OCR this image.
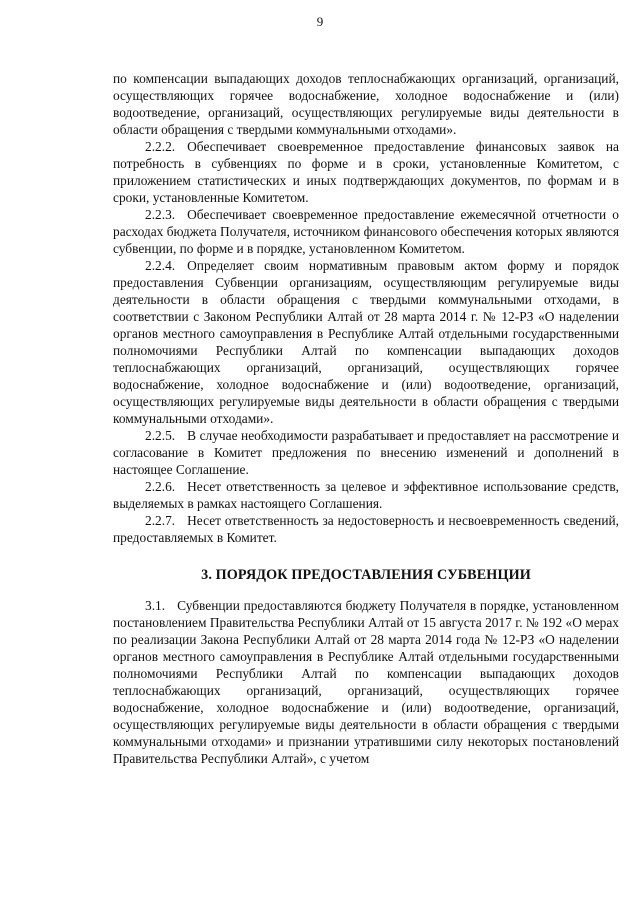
9

по компенсации выпадающих доходов теплоснабжающих организаций, организаций, осуществляющих горячее водоснабжение, холодное водоснабжение и (или) водоотведение, организаций, осуществляющих регулируемые виды деятельности в области обращения с твердыми коммунальными отходами».

2.2.2. Обеспечивает своевременное предоставление финансовых заявок на потребность в субвенциях по форме и в сроки, установленные Комитетом, с приложением статистических и иных подтверждающих документов, по формам и в сроки, установленные Комитетом.

2.2.3. Обеспечивает своевременное предоставление ежемесячной отчетности о расходах бюджета Получателя, источником финансового обеспечения которых являются субвенции, по форме и в порядке, установленном Комитетом.

2.2.4. Определяет своим нормативным правовым актом форму и порядок предоставления Субвенции организациям, осуществляющим регулируемые виды деятельности в области обращения с твердыми коммунальными отходами, в соответствии с Законом Республики Алтай от 28 марта 2014 г. № 12-РЗ «О наделении органов местного самоуправления в Республике Алтай отдельными государственными полномочиями Республики Алтай по компенсации выпадающих доходов теплоснабжающих организаций, организаций, осуществляющих горячее водоснабжение, холодное водоснабжение и (или) водоотведение, организаций, осуществляющих регулируемые виды деятельности в области обращения с твердыми коммунальными отходами».

2.2.5. В случае необходимости разрабатывает и предоставляет на рассмотрение и согласование в Комитет предложения по внесению изменений и дополнений в настоящее Соглашение.

2.2.6. Несет ответственность за целевое и эффективное использование средств, выделяемых в рамках настоящего Соглашения.

2.2.7. Несет ответственность за недостоверность и несвоевременность сведений, предоставляемых в Комитет.

3. ПОРЯДОК ПРЕДОСТАВЛЕНИЯ СУБВЕНЦИИ

3.1. Субвенции предоставляются бюджету Получателя в порядке, установленном постановлением Правительства Республики Алтай от 15 августа 2017 г. № 192 «О мерах по реализации Закона Республики Алтай от 28 марта 2014 года № 12-РЗ «О наделении органов местного самоуправления в Республике Алтай отдельными государственными полномочиями Республики Алтай по компенсации выпадающих доходов теплоснабжающих организаций, организаций, осуществляющих горячее водоснабжение, холодное водоснабжение и (или) водоотведение, организаций, осуществляющих регулируемые виды деятельности в области обращения с твердыми коммунальными отходами» и признании утратившими силу некоторых постановлений Правительства Республики Алтай», с учетом
